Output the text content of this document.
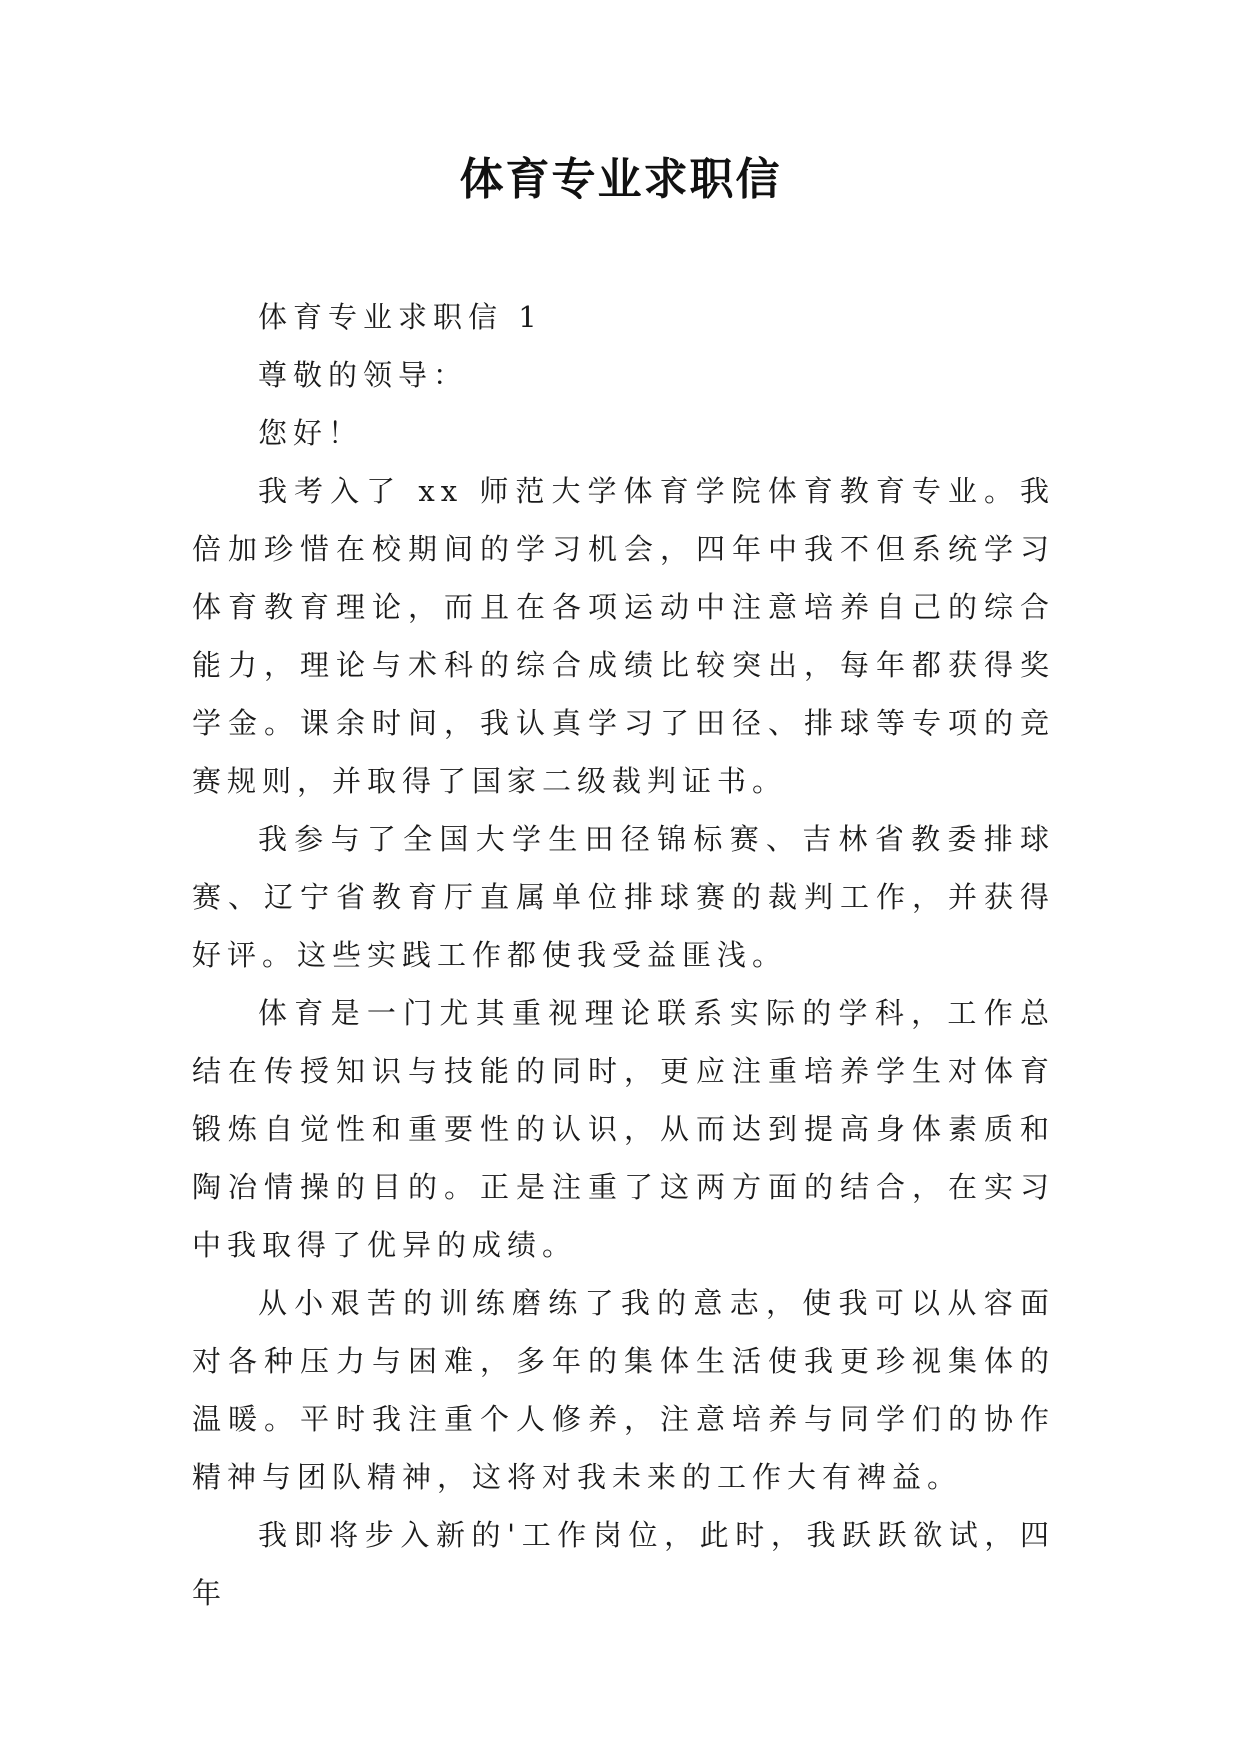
体育专业求职信

体育专业求职信 1

尊敬的领导：

您好！

我考入了 xx 师范大学体育学院体育教育专业。我倍加珍惜在校期间的学习机会，四年中我不但系统学习体育教育理论，而且在各项运动中注意培养自己的综合能力，理论与术科的综合成绩比较突出，每年都获得奖学金。课余时间，我认真学习了田径、排球等专项的竞赛规则，并取得了国家二级裁判证书。

我参与了全国大学生田径锦标赛、吉林省教委排球赛、辽宁省教育厅直属单位排球赛的裁判工作，并获得好评。这些实践工作都使我受益匪浅。

体育是一门尤其重视理论联系实际的学科，工作总结在传授知识与技能的同时，更应注重培养学生对体育锻炼自觉性和重要性的认识，从而达到提高身体素质和陶冶情操的目的。正是注重了这两方面的结合，在实习中我取得了优异的成绩。

从小艰苦的训练磨练了我的意志，使我可以从容面对各种压力与困难，多年的集体生活使我更珍视集体的温暖。平时我注重个人修养，注意培养与同学们的协作精神与团队精神，这将对我未来的工作大有裨益。

我即将步入新的'工作岗位，此时，我跃跃欲试，四年
